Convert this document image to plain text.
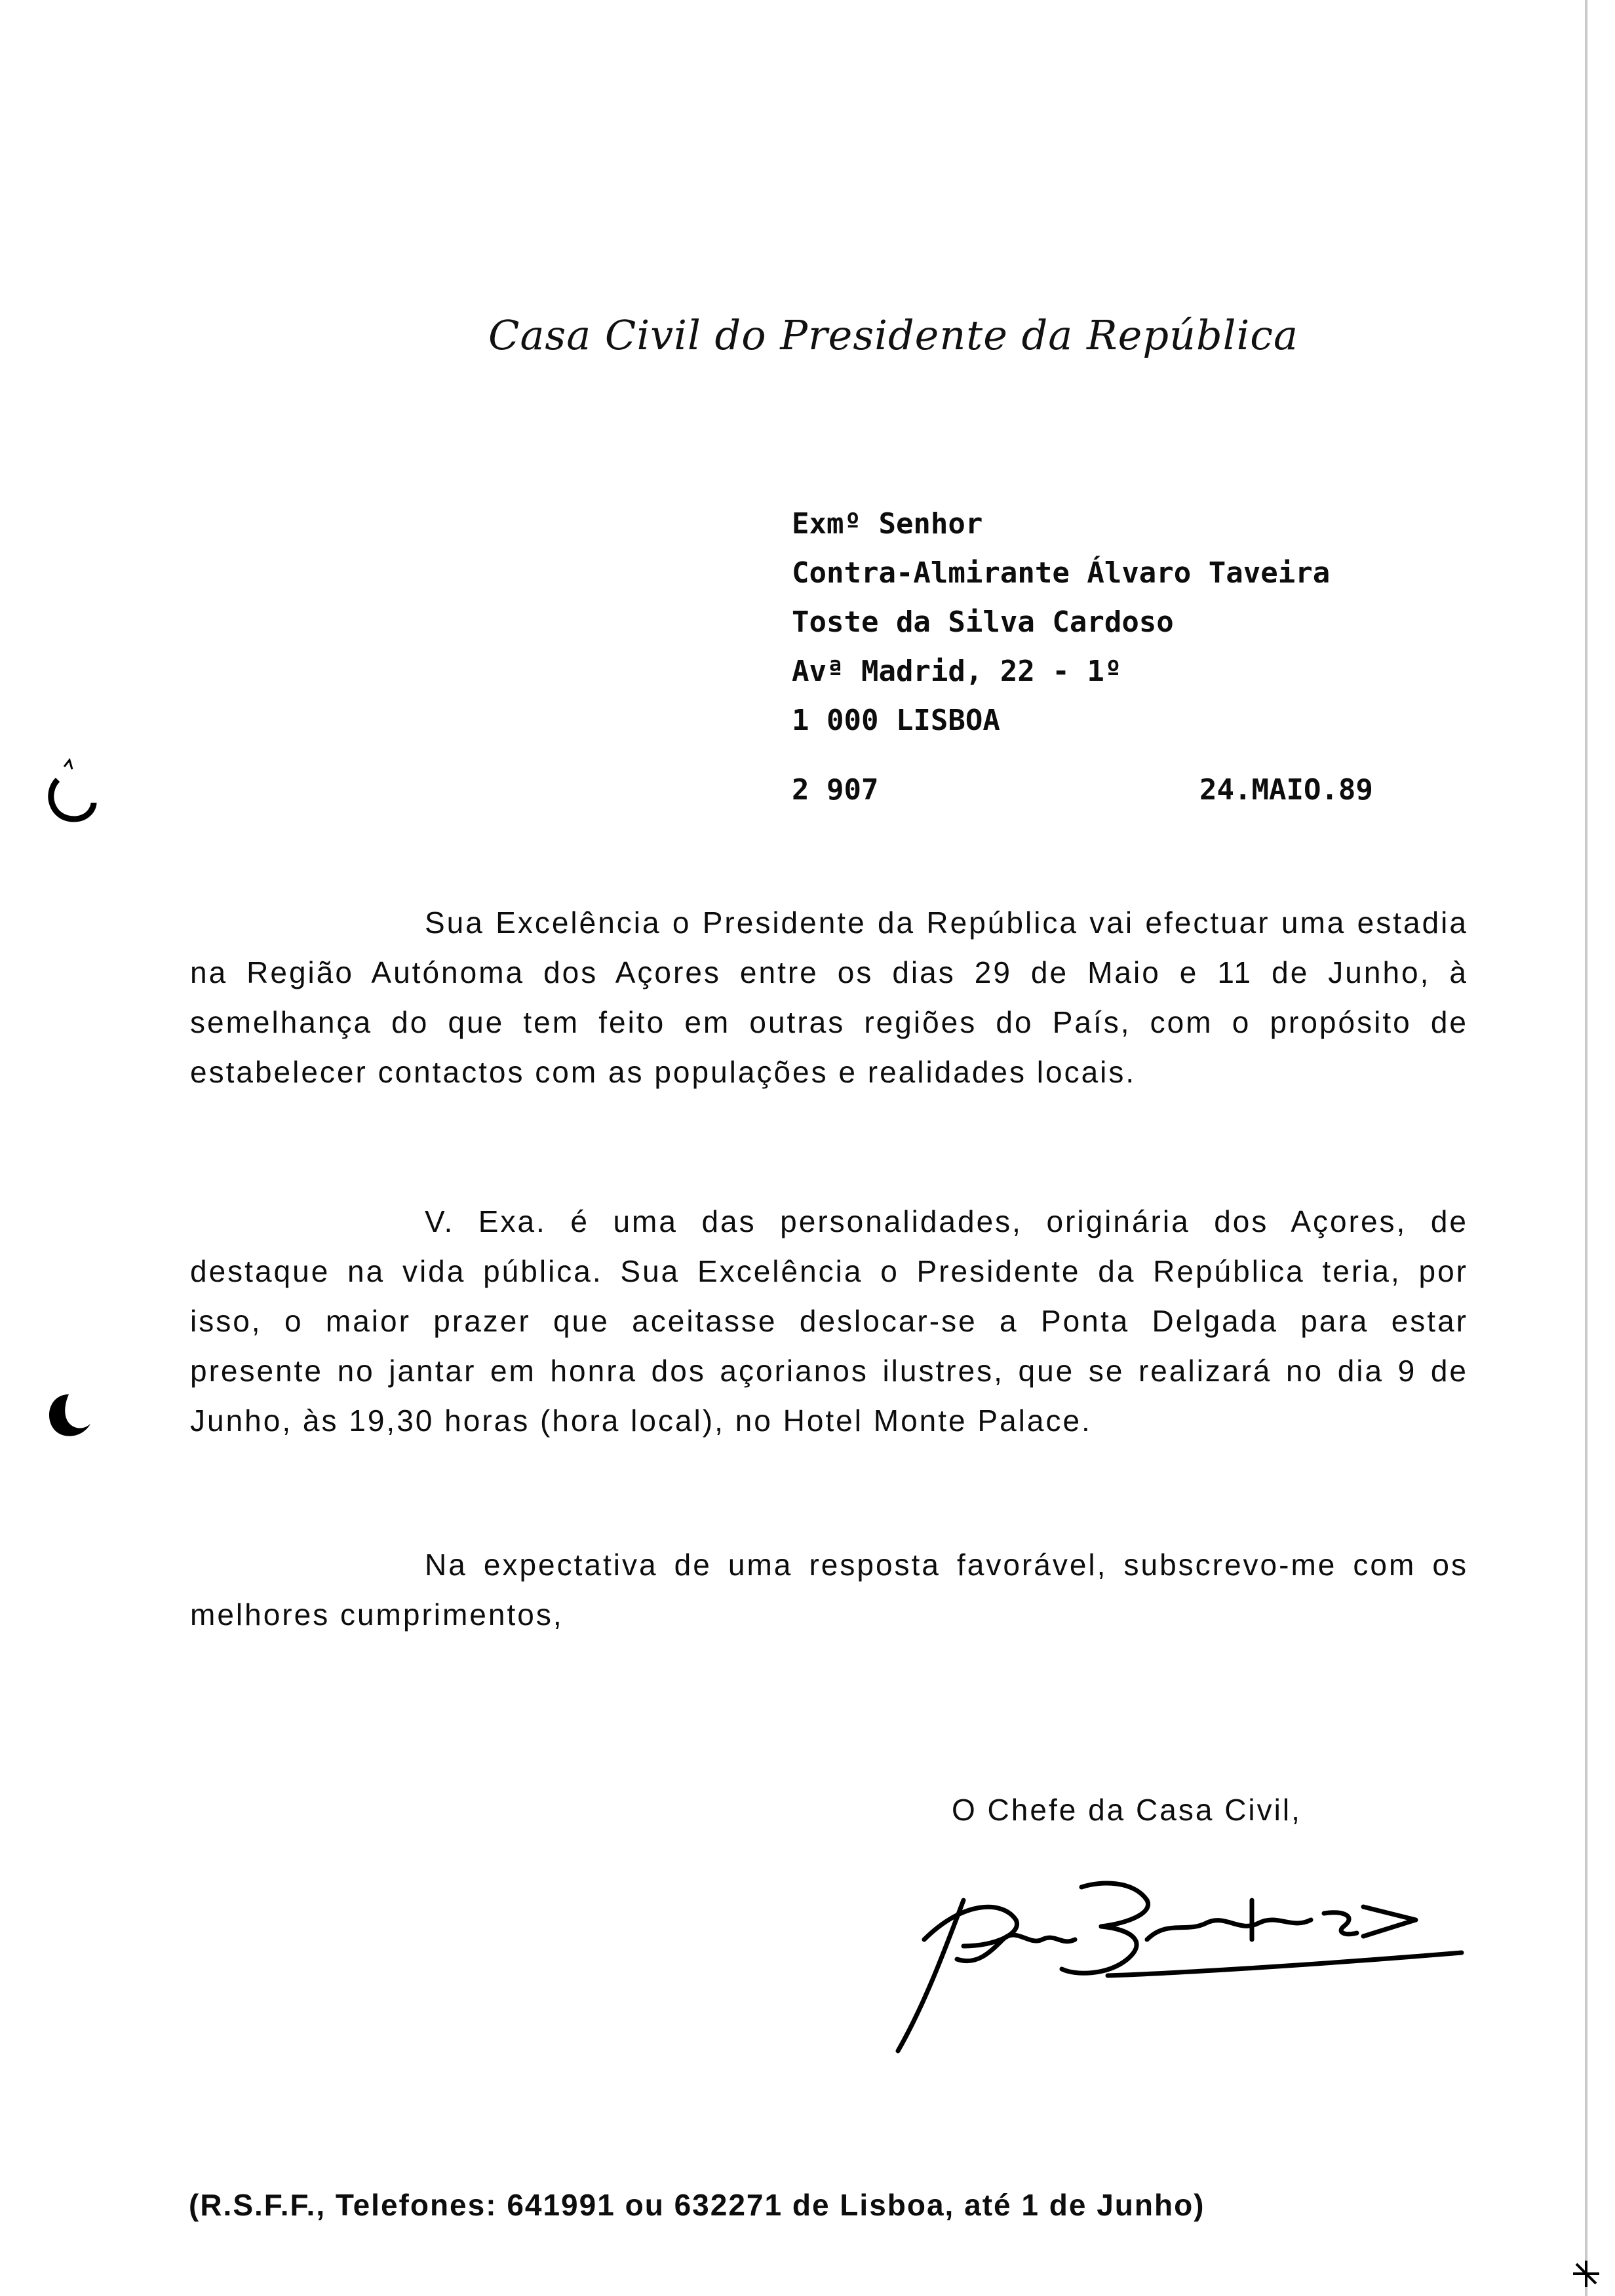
Casa Civil do Presidente da República
Exmº Senhor
Contra-Almirante Álvaro Taveira
Toste da Silva Cardoso
Avª Madrid, 22 - 1º
1 000 LISBOA
2 907	24.MAIO.89

Sua Excelência o Presidente da República vai efectuar uma estadia na Região Autónoma dos Açores entre os dias 29 de Maio e 11 de Junho, à semelhança do que tem feito em outras regiões do País, com o propósito de estabelecer contactos com as populações e realidades locais.

V. Exa. é uma das personalidades, originária dos Açores, de destaque na vida pública. Sua Excelência o Presidente da República teria, por isso, o maior prazer que aceitasse deslocar-se a Ponta Delgada para estar presente no jantar em honra dos açorianos ilustres, que se realizará no dia 9 de Junho, às 19,30 horas (hora local), no Hotel Monte Palace.

Na expectativa de uma resposta favorável, subscrevo-me com os melhores cumprimentos,

O Chefe da Casa Civil,
(R.S.F.F., Telefones: 641991 ou 632271 de Lisboa, até 1 de Junho)
